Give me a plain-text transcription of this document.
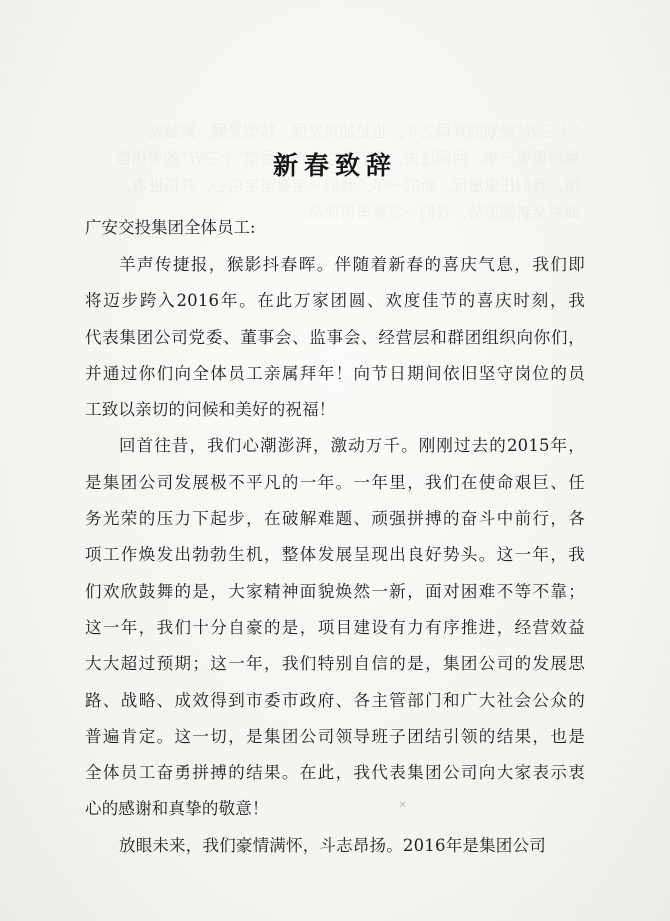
新春致辞
广安交投集团全体员工:
羊声传捷报，猴影抖春晖。伴随着新春的喜庆气息，我们即
将迈步跨入2016年。在此万家团圆、欢度佳节的喜庆时刻，我
代表集团公司党委、董事会、监事会、经营层和群团组织向你们，
并通过你们向全体员工亲属拜年！向节日期间依旧坚守岗位的员
工致以亲切的问候和美好的祝福！
回首往昔，我们心潮澎湃，激动万千。刚刚过去的2015年，
是集团公司发展极不平凡的一年。一年里，我们在使命艰巨、任
务光荣的压力下起步，在破解难题、顽强拼搏的奋斗中前行，各
项工作焕发出勃勃生机，整体发展呈现出良好势头。这一年，我
们欢欣鼓舞的是，大家精神面貌焕然一新，面对困难不等不靠；
这一年，我们十分自豪的是，项目建设有力有序推进，经营效益
大大超过预期；这一年，我们特别自信的是，集团公司的发展思
路、战略、成效得到市委市政府、各主管部门和广大社会公众的
普遍肯定。这一切，是集团公司领导班子团结引领的结果，也是
全体员工奋勇拼搏的结果。在此，我代表集团公司向大家表示衷
心的感谢和真挚的敬意！
放眼未来，我们豪情满怀，斗志昂扬。2016年是集团公司
×
